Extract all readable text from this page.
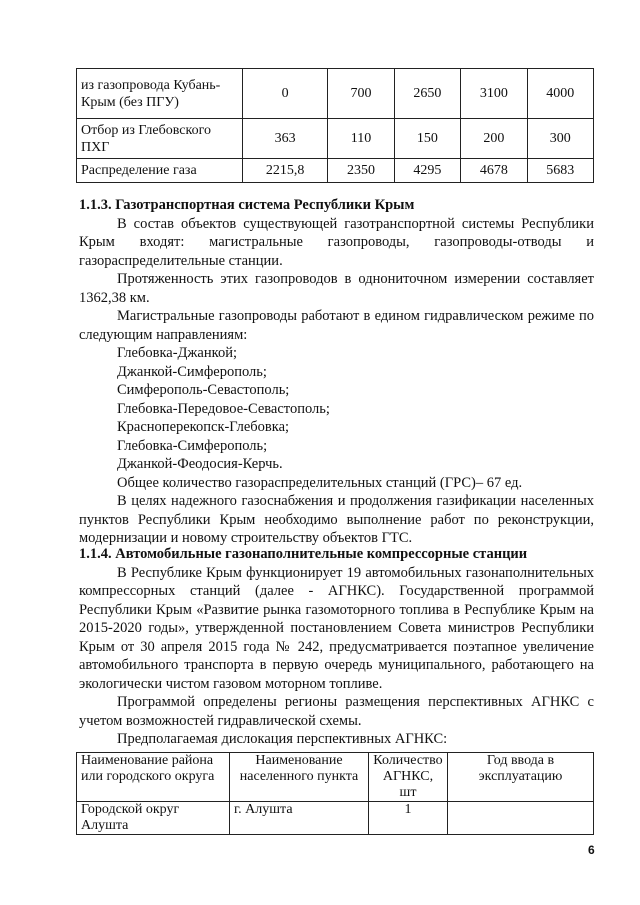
из газопровода Кубань-Крым (без ПГУ)	0	700	2650	3100	4000
Отбор из Глебовского ПХГ	363	110	150	200	300
Распределение газа	2215,8	2350	4295	4678	5683

1.1.3. Газотранспортная система Республики Крым

В состав объектов существующей газотранспортной системы Республики Крым входят: магистральные газопроводы, газопроводы-отводы и газораспределительные станции.

Протяженность этих газопроводов в однониточном измерении составляет 1362,38 км.

Магистральные газопроводы работают в едином гидравлическом режиме по следующим направлениям:

Глебовка-Джанкой;

Джанкой-Симферополь;

Симферополь-Севастополь;

Глебовка-Передовое-Севастополь;

Красноперекопск-Глебовка;

Глебовка-Симферополь;

Джанкой-Феодосия-Керчь.

Общее количество газораспределительных станций (ГРС)– 67 ед.

В целях надежного газоснабжения и продолжения газификации населенных пунктов Республики Крым необходимо выполнение работ по реконструкции, модернизации и новому строительству объектов ГТС.

1.1.4. Автомобильные газонаполнительные компрессорные станции

В Республике Крым функционирует 19 автомобильных газонаполнительных компрессорных станций (далее - АГНКС). Государственной программой Республики Крым «Развитие рынка газомоторного топлива в Республике Крым на 2015-2020 годы», утвержденной постановлением Совета министров Республики Крым от 30 апреля 2015 года № 242, предусматривается поэтапное увеличение автомобильного транспорта в первую очередь муниципального, работающего на экологически чистом газовом моторном топливе.

Программой определены регионы размещения перспективных АГНКС с учетом возможностей гидравлической схемы.

Предполагаемая дислокация перспективных АГНКС:

Наименование района или городского округа	Наименование населенного пункта	Количество АГНКС, шт	Год ввода в эксплуатацию
Городской округ Алушта	г. Алушта	1	
6
